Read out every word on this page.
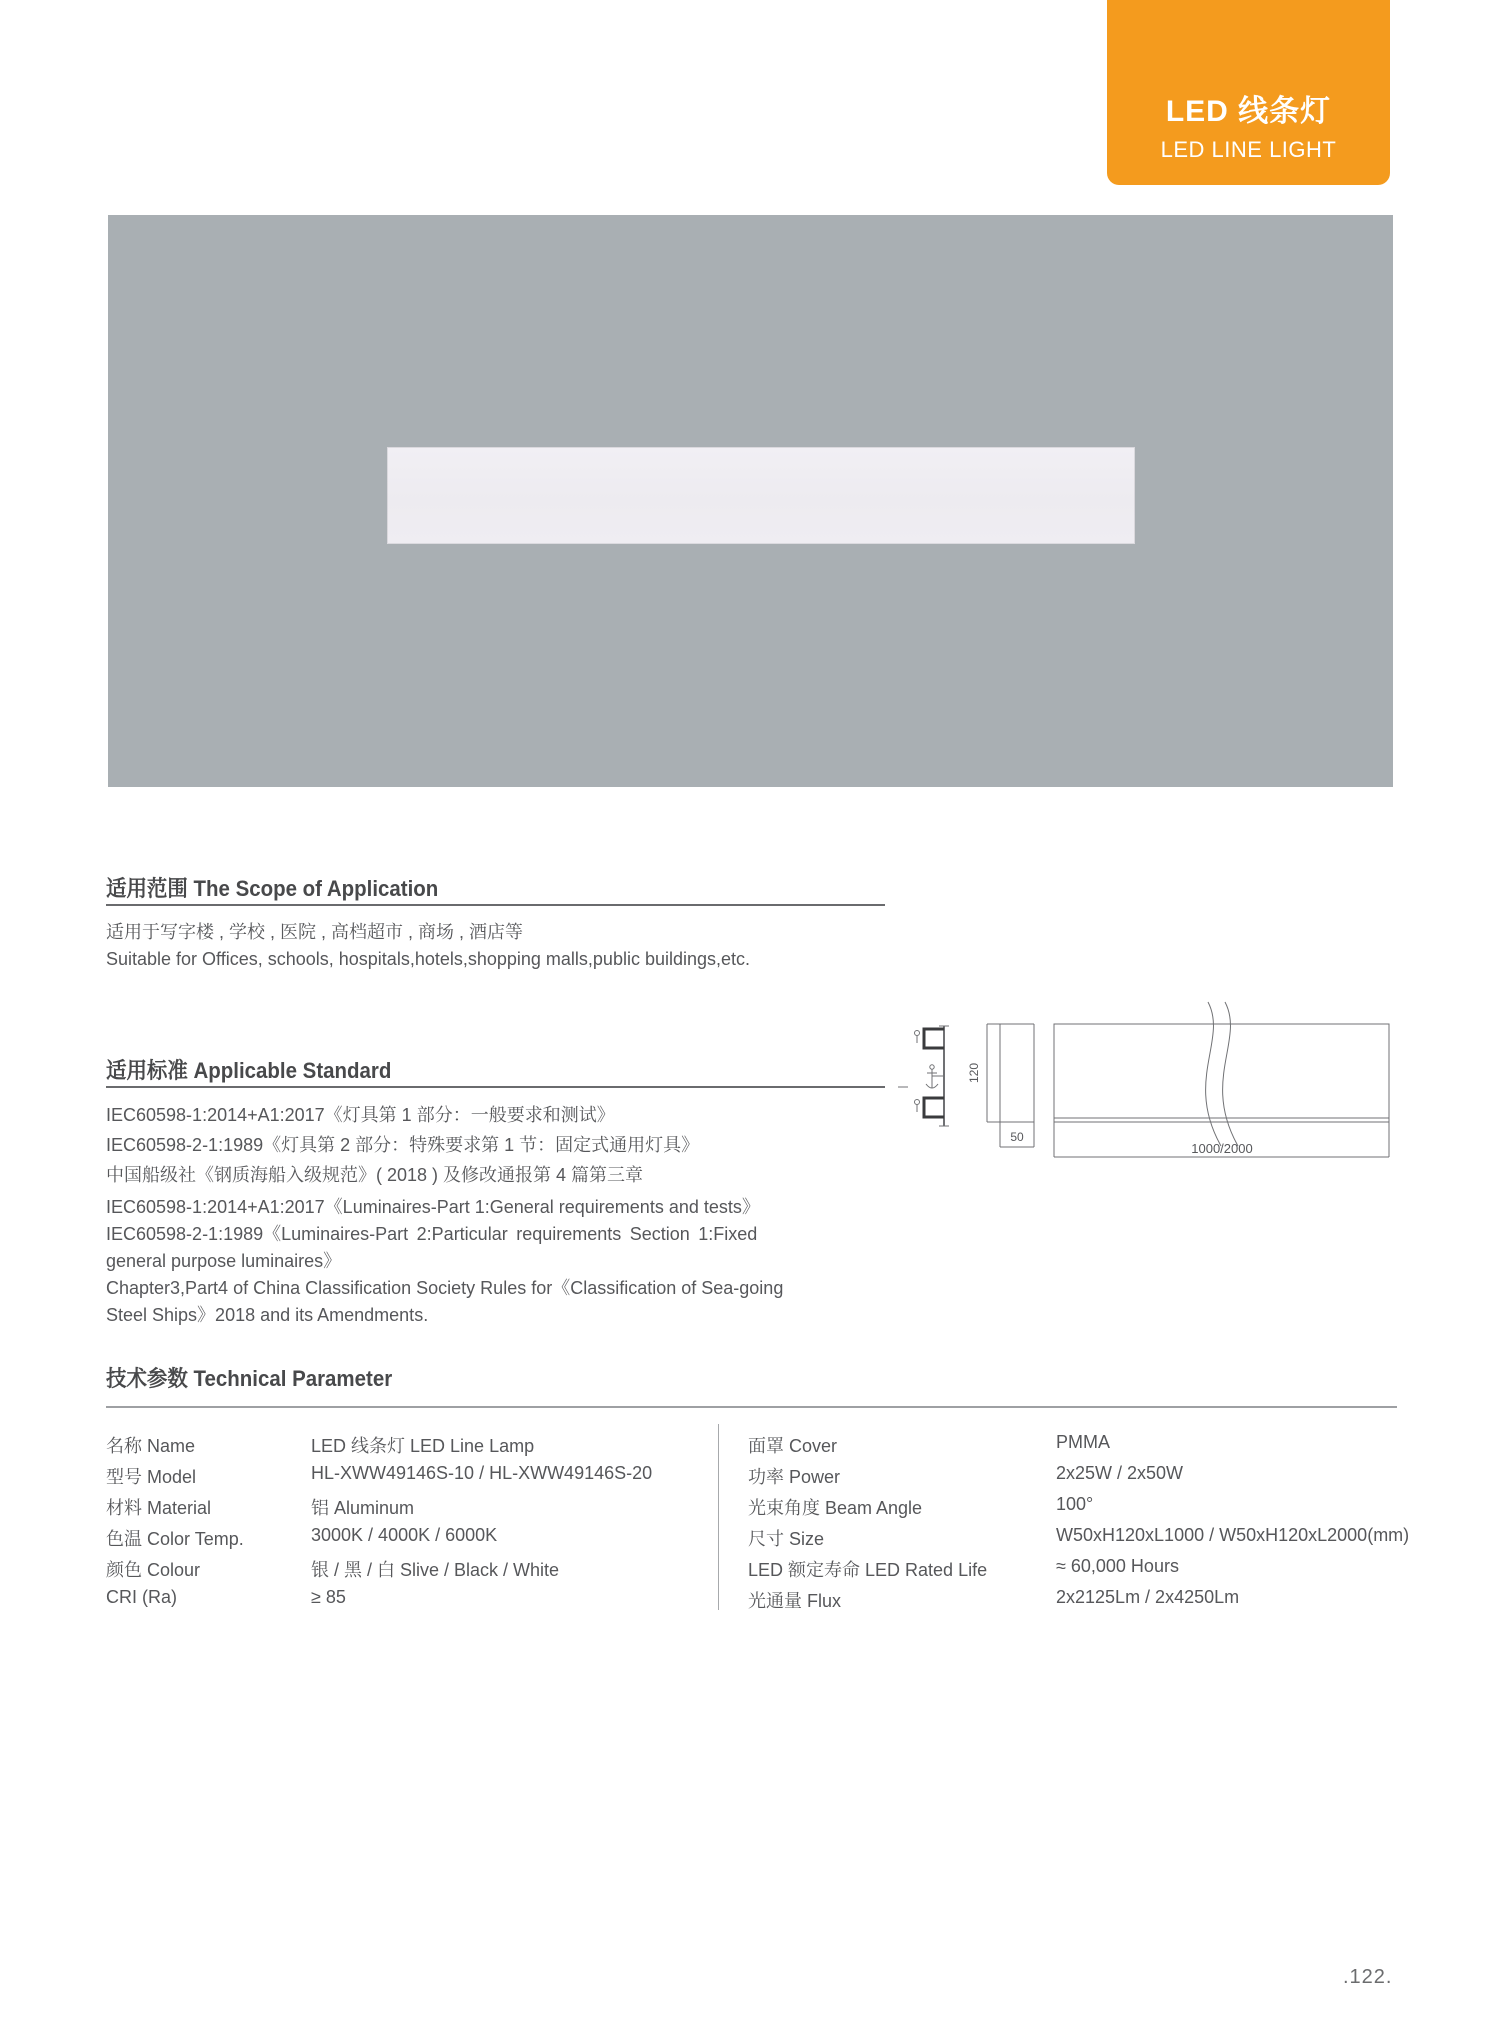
LED 线条灯
LED LINE LIGHT
适用范围 The Scope of Application
适用于写字楼 , 学校 , 医院 , 高档超市 , 商场 , 酒店等
Suitable for Offices, schools, hospitals,hotels,shopping malls,public buildings,etc.
适用标准 Applicable Standard
IEC60598-1:2014+A1:2017《灯具第 1 部分：一般要求和测试》
IEC60598-2-1:1989《灯具第 2 部分：特殊要求第 1 节：固定式通用灯具》
中国船级社《钢质海船入级规范》( 2018 ) 及修改通报第 4 篇第三章
IEC60598-1:2014+A1:2017《Luminaires-Part 1:General requirements and tests》
IEC60598-2-1:1989《Luminaires-Part 2:Particular requirements Section 1:Fixed
general purpose luminaires》
Chapter3,Part4 of China Classification Society Rules for《Classification of Sea-going
Steel Ships》2018 and its Amendments.
120
50
1000/2000
技术参数 Technical Parameter
名称 Name	LED 线条灯 LED Line Lamp
型号 Model	HL-XWW49146S-10 / HL-XWW49146S-20
材料 Material	铝 Aluminum
色温 Color Temp.	3000K / 4000K / 6000K
颜色 Colour	银 / 黑 / 白 Slive / Black / White
CRI (Ra)	≥ 85
面罩 Cover	PMMA
功率 Power	2x25W / 2x50W
光束角度 Beam Angle	100°
尺寸 Size	W50xH120xL1000 / W50xH120xL2000(mm)
LED 额定寿命 LED Rated Life	≈ 60,000 Hours
光通量 Flux	2x2125Lm / 2x4250Lm
.122.
